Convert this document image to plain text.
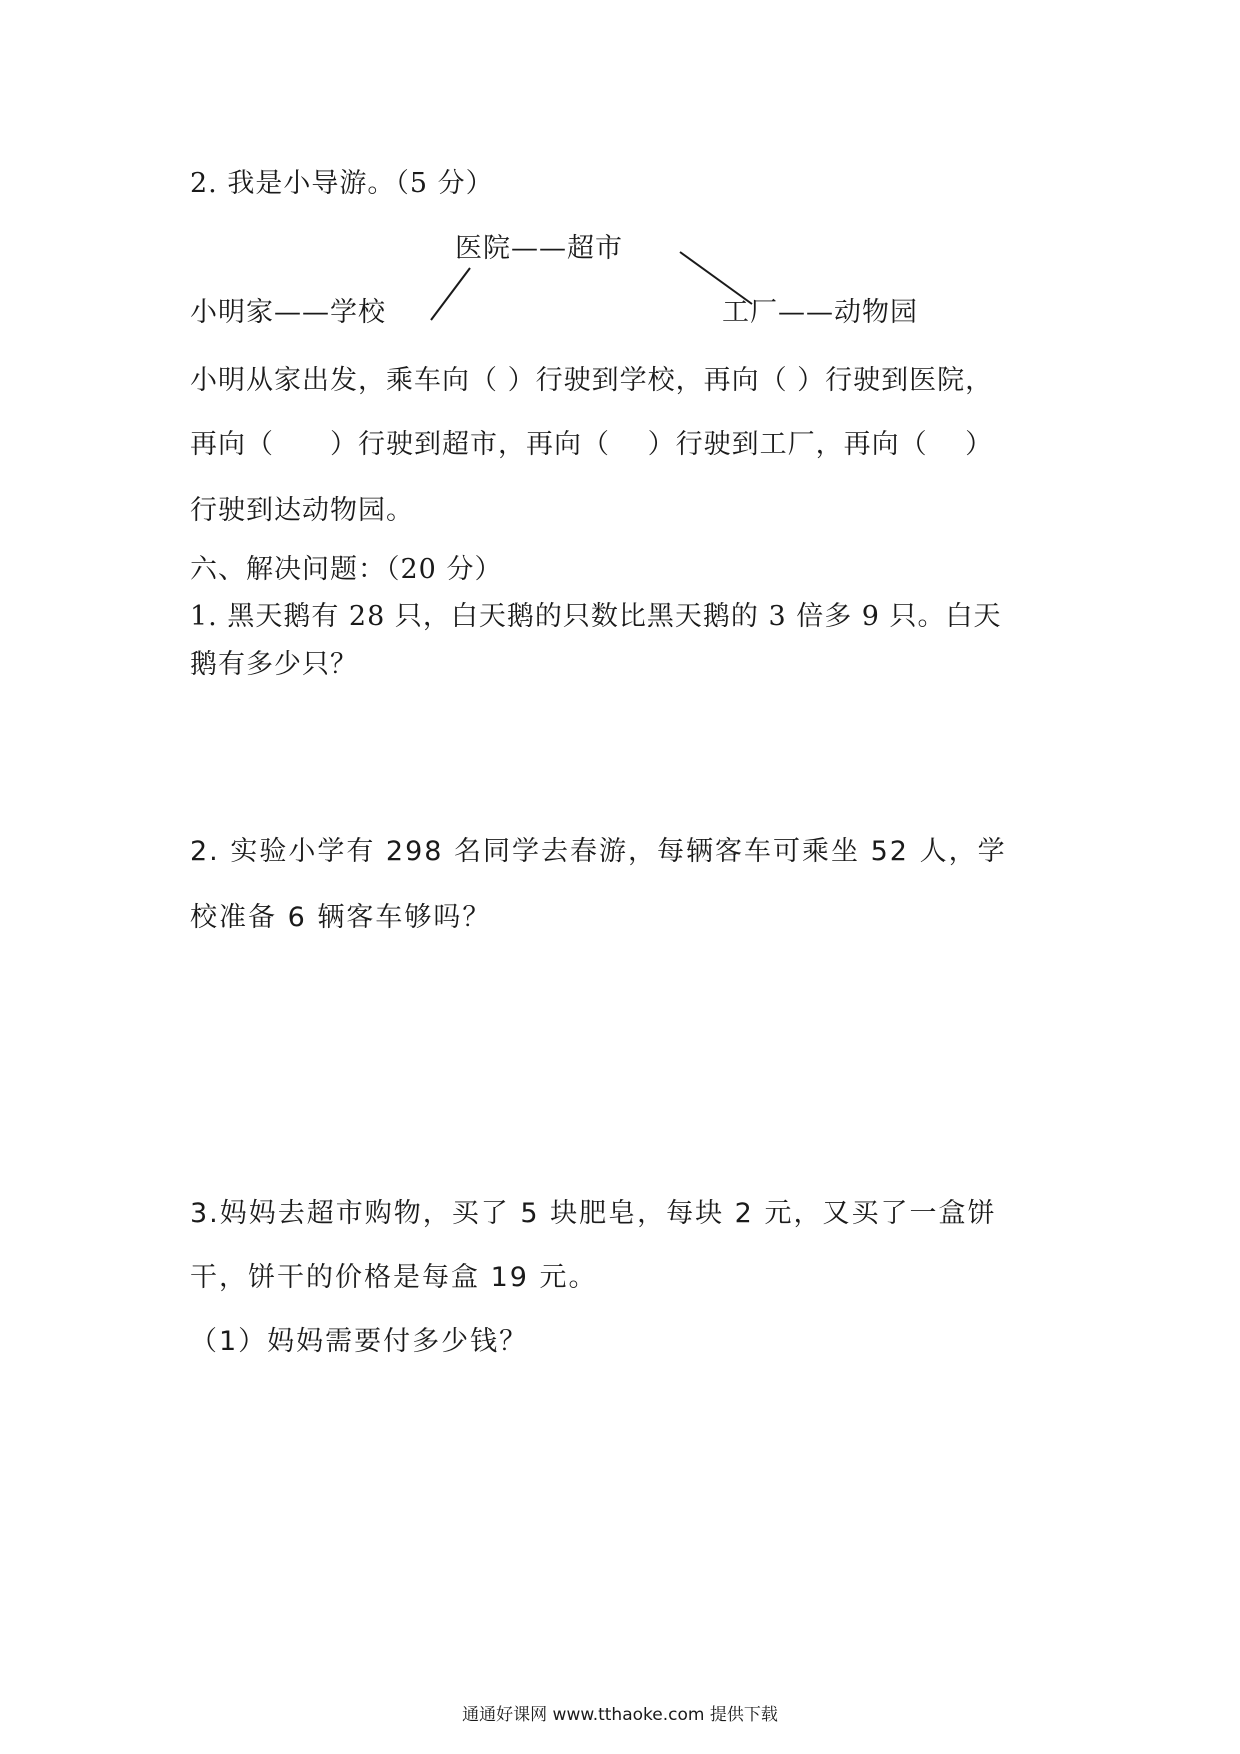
2. 我是小导游。（5 分）
医院——超市
小明家——学校	工厂——动物园
小明从家出发，乘车向（ ）行驶到学校，再向（ ）行驶到医院，
再向（　　）行驶到超市，再向（　 ）行驶到工厂，再向（　 ）
行驶到达动物园。
六、解决问题：（20 分）
1. 黑天鹅有 28 只，白天鹅的只数比黑天鹅的 3 倍多 9 只。白天
鹅有多少只？
2. 实验小学有 298 名同学去春游，每辆客车可乘坐 52 人，学
校准备 6 辆客车够吗？
3.妈妈去超市购物，买了 5 块肥皂，每块 2 元，又买了一盒饼
干，饼干的价格是每盒 19 元。
（1）妈妈需要付多少钱？
通通好课网 www.tthaoke.com 提供下载
